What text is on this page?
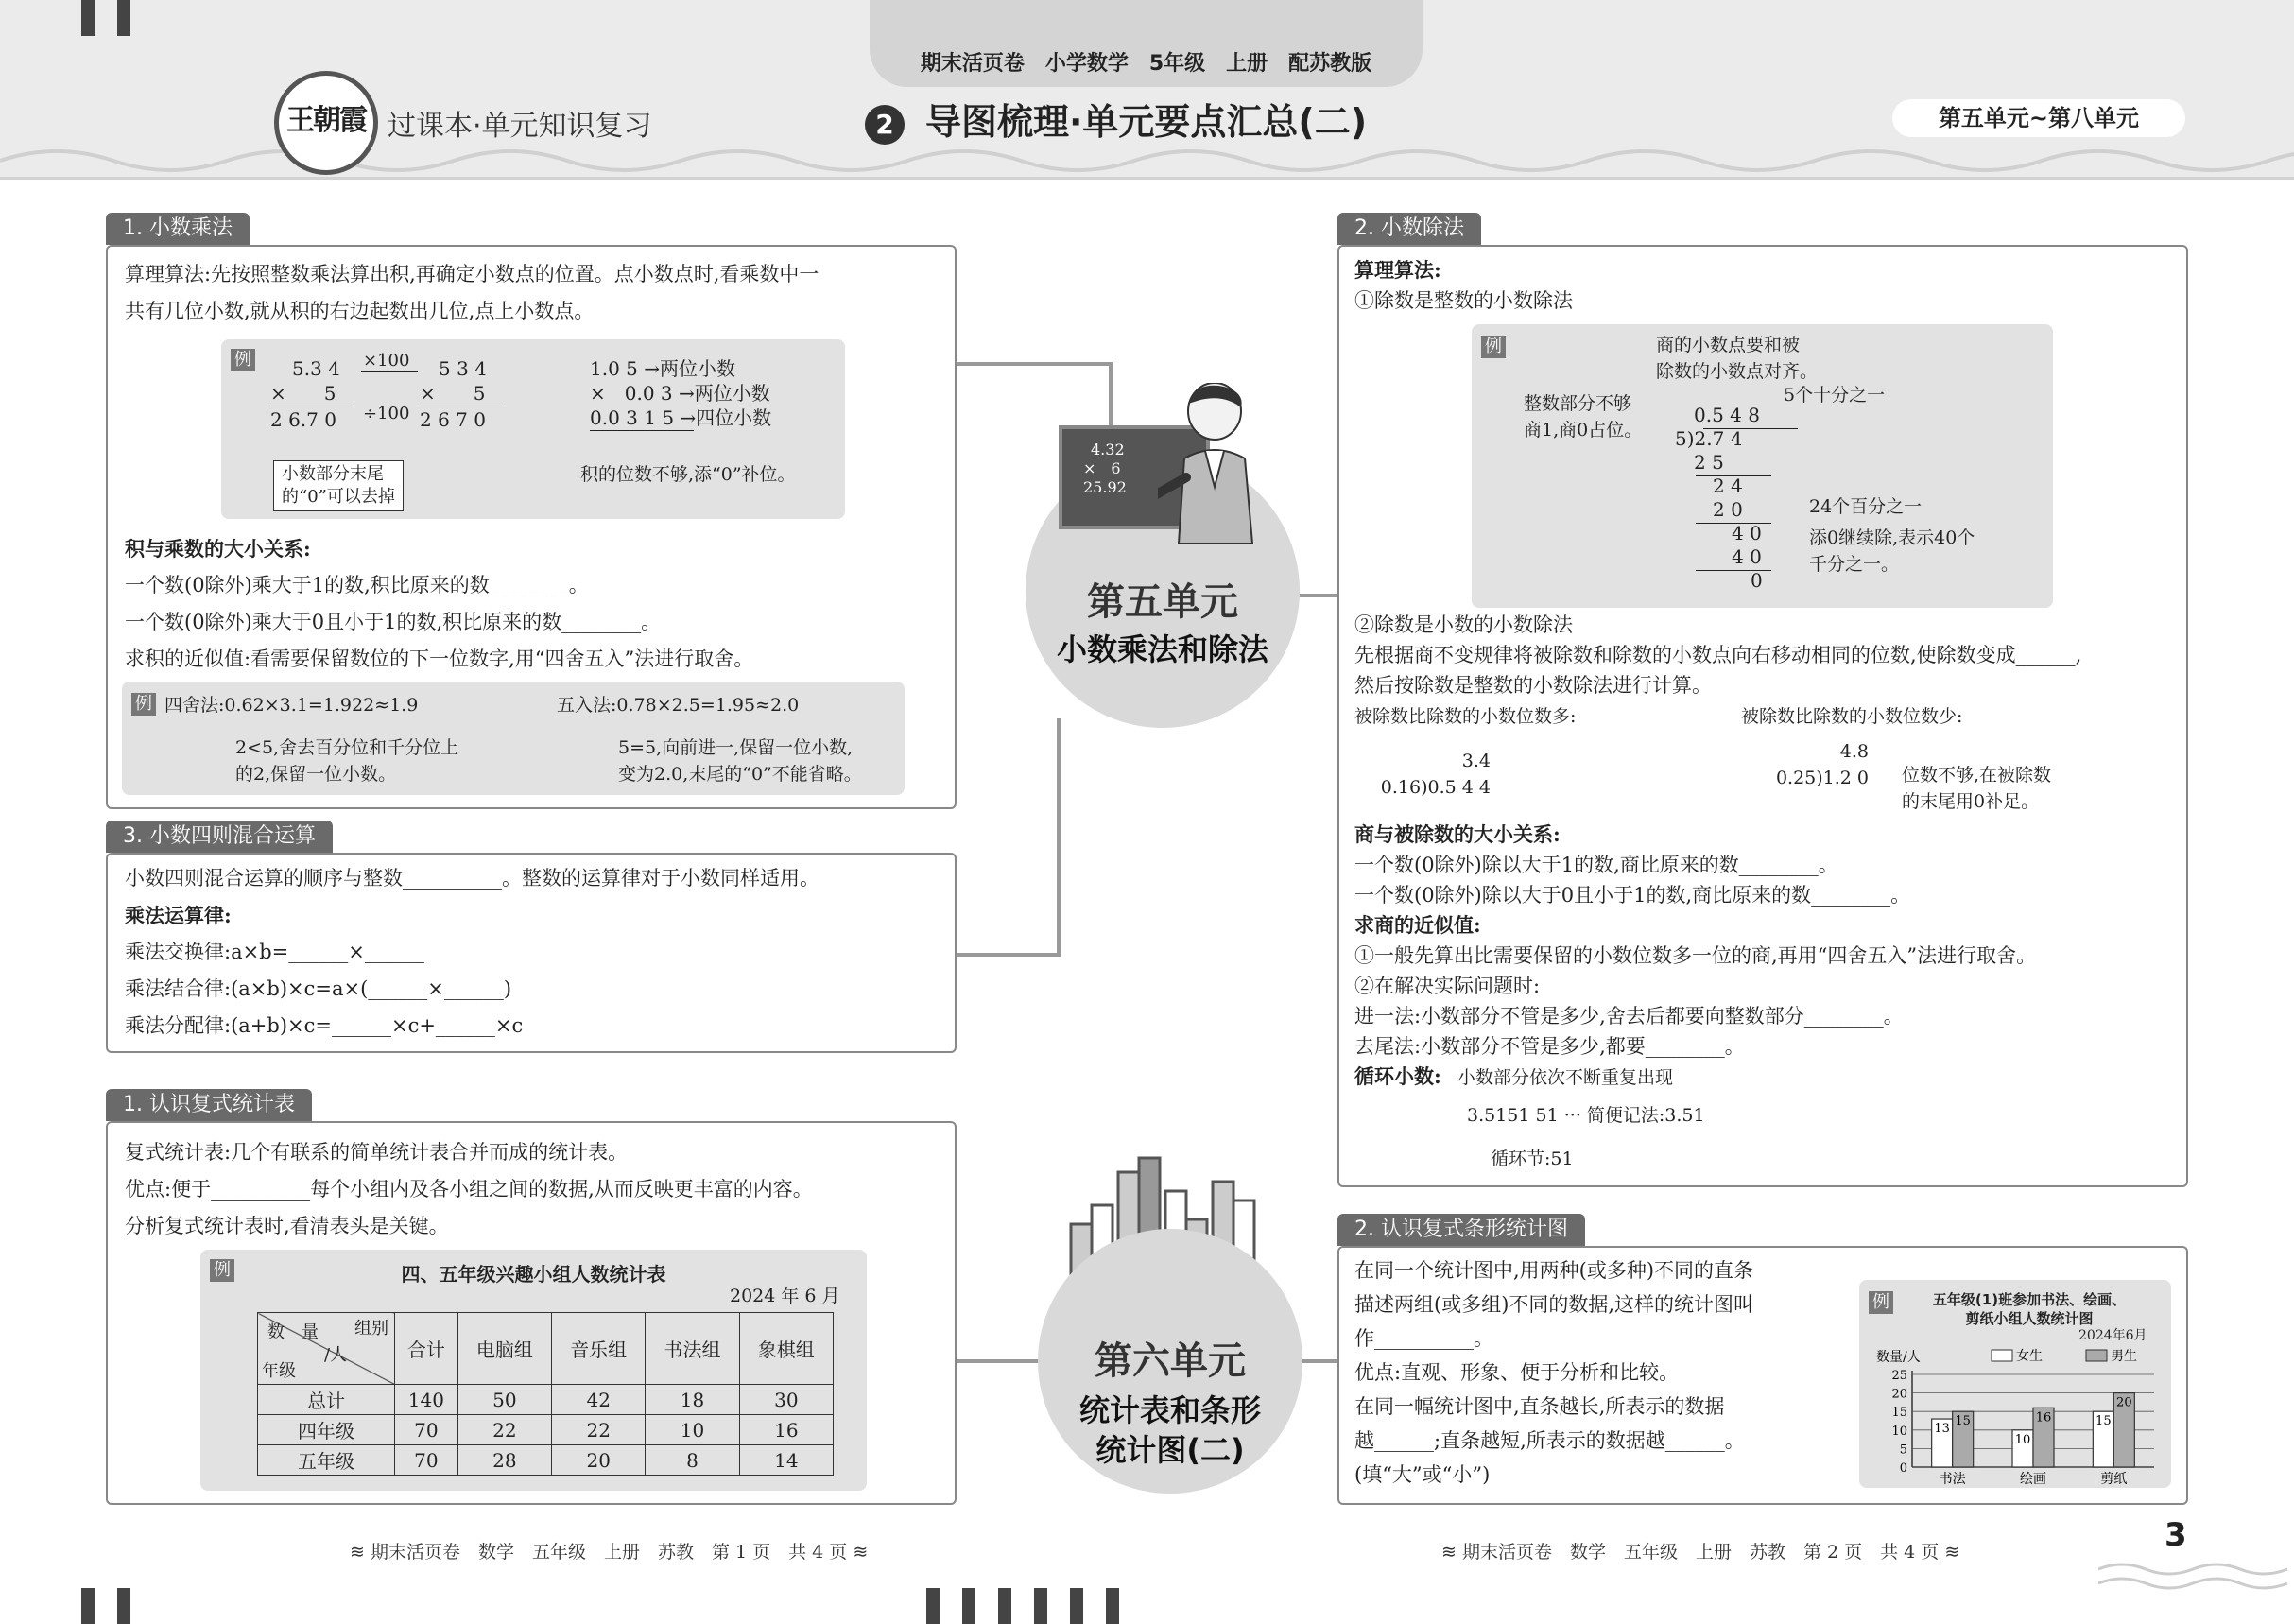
期末活页卷　小学数学　5年级　上册　配苏教版
王朝霞 过课本·单元知识复习	2 导图梳理·单元要点汇总(二)	第五单元~第八单元
1. 小数乘法
算理算法:先按照整数乘法算出积,再确定小数点的位置。点小数点时,看乘数中一
共有几位小数,就从积的右边起数出几位,点上小数点。
例 5.3 4
×　　5
2 6.7 0
×100
÷100
5 3 4
×　　5
2 6 7 0
小数部分末尾
的“0”可以去掉
1.0 5 →两位小数
×　0.0 3 →两位小数
0.0 3 1 5 →四位小数
积的位数不够,添“0”补位。
积与乘数的大小关系:
一个数(0除外)乘大于1的数,积比原来的数________。
一个数(0除外)乘大于0且小于1的数,积比原来的数________。
求积的近似值:看需要保留数位的下一位数字,用“四舍五入”法进行取舍。
例 四舍法:0.62×3.1=1.922≈1.9	五入法:0.78×2.5=1.95≈2.0
2<5,舍去百分位和千分位上
的2,保留一位小数。
5=5,向前进一,保留一位小数,
变为2.0,末尾的“0”不能省略。
3. 小数四则混合运算
小数四则混合运算的顺序与整数__________。整数的运算律对于小数同样适用。
乘法运算律:
乘法交换律:a×b=______×______
乘法结合律:(a×b)×c=a×(______×______)
乘法分配律:(a+b)×c=______×c+______×c
1. 认识复式统计表
复式统计表:几个有联系的简单统计表合并而成的统计表。
优点:便于__________每个小组内及各小组之间的数据,从而反映更丰富的内容。
分析复式统计表时,看清表头是关键。
例	四、五年级兴趣小组人数统计表
2024 年 6 月
组别
数　量
/人
年级	合计	电脑组	音乐组	书法组	象棋组
总计	140	50	42	18	30
四年级	70	22	22	10	16
五年级	70	28	20	8	14
第五单元
小数乘法和除法
4.32
×　6
25.92
第六单元
统计表和条形
统计图(二)
2. 小数除法
算理算法:
①除数是整数的小数除法
例	商的小数点要和被
除数的小数点对齐。
整数部分不够
商1,商0占位。
5个十分之一
24个百分之一
添0继续除,表示40个
千分之一。
　0.5 4 8
5)2.7 4
　2 5
　　2 4
　　2 0
　　　4 0
　　　4 0
　　　　0
②除数是小数的小数除法
先根据商不变规律将被除数和除数的小数点向右移动相同的位数,使除数变成______,
然后按除数是整数的小数除法进行计算。
被除数比除数的小数位数多:	被除数比除数的小数位数少:
3.4
0.16)0.5 4 4
4.8
0.25)1.2 0 位数不够,在被除数
的末尾用0补足。
商与被除数的大小关系:
一个数(0除外)除以大于1的数,商比原来的数________。
一个数(0除外)除以大于0且小于1的数,商比原来的数________。
求商的近似值:
①一般先算出比需要保留的小数位数多一位的商,再用“四舍五入”法进行取舍。
②在解决实际问题时:
进一法:小数部分不管是多少,舍去后都要向整数部分________。
去尾法:小数部分不管是多少,都要________。
循环小数: 小数部分依次不断重复出现
3.5151 51 ··· 简便记法:3.51
循环节:51
2. 认识复式条形统计图
在同一个统计图中,用两种(或多种)不同的直条
描述两组(或多组)不同的数据,这样的统计图叫
作__________。
优点:直观、形象、便于分析和比较。
在同一幅统计图中,直条越长,所表示的数据
越______;直条越短,所表示的数据越______。
(填“大”或“小”)
例	五年级(1)班参加书法、绘画、
剪纸小组人数统计图
2024年6月
数量/人	女生	男生
0
5
10
15
20
25
书法
13
15
绘画
10
16
剪纸
15
20
≋ 期末活页卷　数学　五年级　上册　苏教　第 1 页　共 4 页 ≋	≋ 期末活页卷　数学　五年级　上册　苏教　第 2 页　共 4 页 ≋	3
